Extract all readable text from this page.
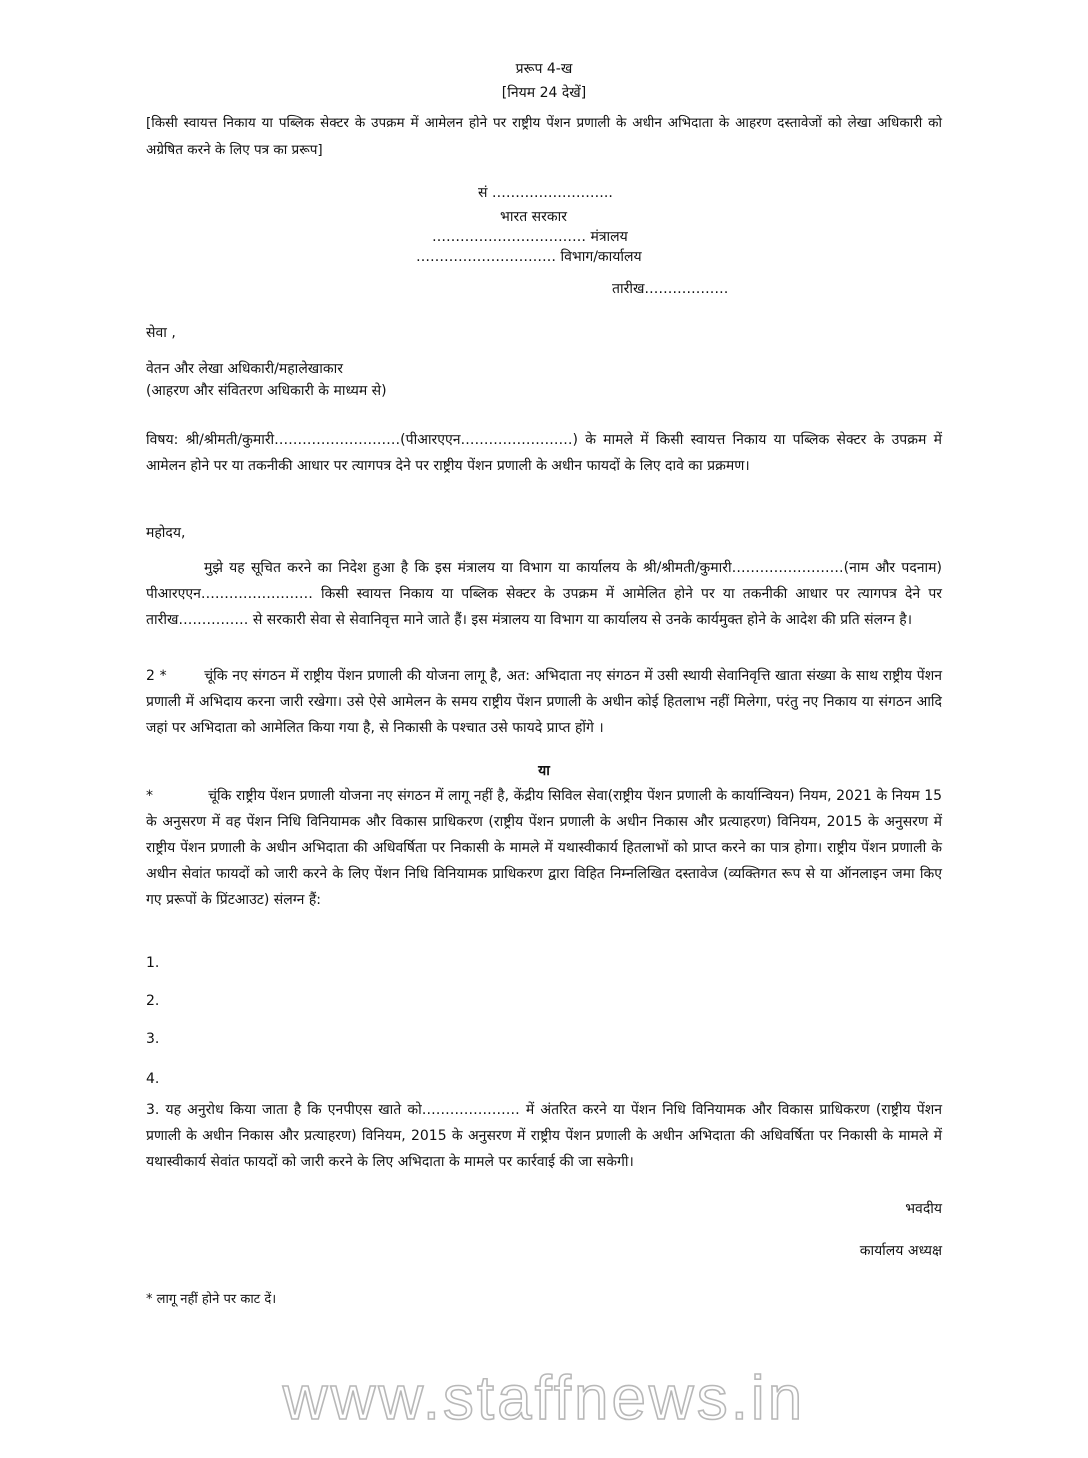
प्ररूप 4-ख
[नियम 24 देखें]
[किसी स्वायत्त निकाय या पब्लिक सेक्टर के उपक्रम में आमेलन होने पर राष्ट्रीय पेंशन प्रणाली के अधीन अभिदाता के आहरण दस्तावेजों को लेखा अधिकारी को अग्रेषित करने के लिए पत्र का प्ररूप]
सं ……………………..
भारत सरकार
…………………………… मंत्रालय
………………………… विभाग/कार्यालय
तारीख………………
सेवा ,
वेतन और लेखा अधिकारी/महालेखाकार
(आहरण और संवितरण अधिकारी के माध्यम से)
विषय: श्री/श्रीमती/कुमारी………………………(पीआरएएन……………………) के मामले में किसी स्वायत्त निकाय या पब्लिक सेक्टर के उपक्रम में आमेलन होने पर या तकनीकी आधार पर त्यागपत्र देने पर राष्ट्रीय पेंशन प्रणाली के अधीन फायदों के लिए दावे का प्रक्रमण।
महोदय,
मुझे यह सूचित करने का निदेश हुआ है कि इस मंत्रालय या विभाग या कार्यालय के श्री/श्रीमती/कुमारी……………………(नाम और पदनाम) पीआरएएन…………………… किसी स्वायत्त निकाय या पब्लिक सेक्टर के उपक्रम में आमेलित होने पर या तकनीकी आधार पर त्यागपत्र देने पर तारीख…………… से सरकारी सेवा से सेवानिवृत्त माने जाते हैं। इस मंत्रालय या विभाग या कार्यालय से उनके कार्यमुक्त होने के आदेश की प्रति संलग्न है।
2 *	चूंकि नए संगठन में राष्ट्रीय पेंशन प्रणाली की योजना लागू है, अत: अभिदाता नए संगठन में उसी स्थायी सेवानिवृत्ति खाता संख्या के साथ राष्ट्रीय पेंशन प्रणाली में अभिदाय करना जारी रखेगा। उसे ऐसे आमेलन के समय राष्ट्रीय पेंशन प्रणाली के अधीन कोई हितलाभ नहीं मिलेगा, परंतु नए निकाय या संगठन आदि जहां पर अभिदाता को आमेलित किया गया है, से निकासी के पश्चात उसे फायदे प्राप्त होंगे ।
या
*	चूंकि राष्ट्रीय पेंशन प्रणाली योजना नए संगठन में लागू नहीं है, केंद्रीय सिविल सेवा(राष्ट्रीय पेंशन प्रणाली के कार्यान्वियन) नियम, 2021 के नियम 15 के अनुसरण में वह पेंशन निधि विनियामक और विकास प्राधिकरण (राष्ट्रीय पेंशन प्रणाली के अधीन निकास और प्रत्याहरण) विनियम, 2015 के अनुसरण में राष्ट्रीय पेंशन प्रणाली के अधीन अभिदाता की अधिवर्षिता पर निकासी के मामले में यथास्वीकार्य हितलाभों को प्राप्त करने का पात्र होगा। राष्ट्रीय पेंशन प्रणाली के अधीन सेवांत फायदों को जारी करने के लिए पेंशन निधि विनियामक प्राधिकरण द्वारा विहित निम्नलिखित दस्तावेज (व्यक्तिगत रूप से या ऑनलाइन जमा किए गए प्ररूपों के प्रिंटआउट) संलग्न हैं:
1.
2.
3.
4.
3. यह अनुरोध किया जाता है कि एनपीएस खाते को………………… में अंतरित करने या पेंशन निधि विनियामक और विकास प्राधिकरण (राष्ट्रीय पेंशन प्रणाली के अधीन निकास और प्रत्याहरण) विनियम, 2015 के अनुसरण में राष्ट्रीय पेंशन प्रणाली के अधीन अभिदाता की अधिवर्षिता पर निकासी के मामले में यथास्वीकार्य सेवांत फायदों को जारी करने के लिए अभिदाता के मामले पर कार्रवाई की जा सकेगी।
भवदीय
कार्यालय अध्यक्ष
* लागू नहीं होने पर काट दें।
www.staffnews.in
